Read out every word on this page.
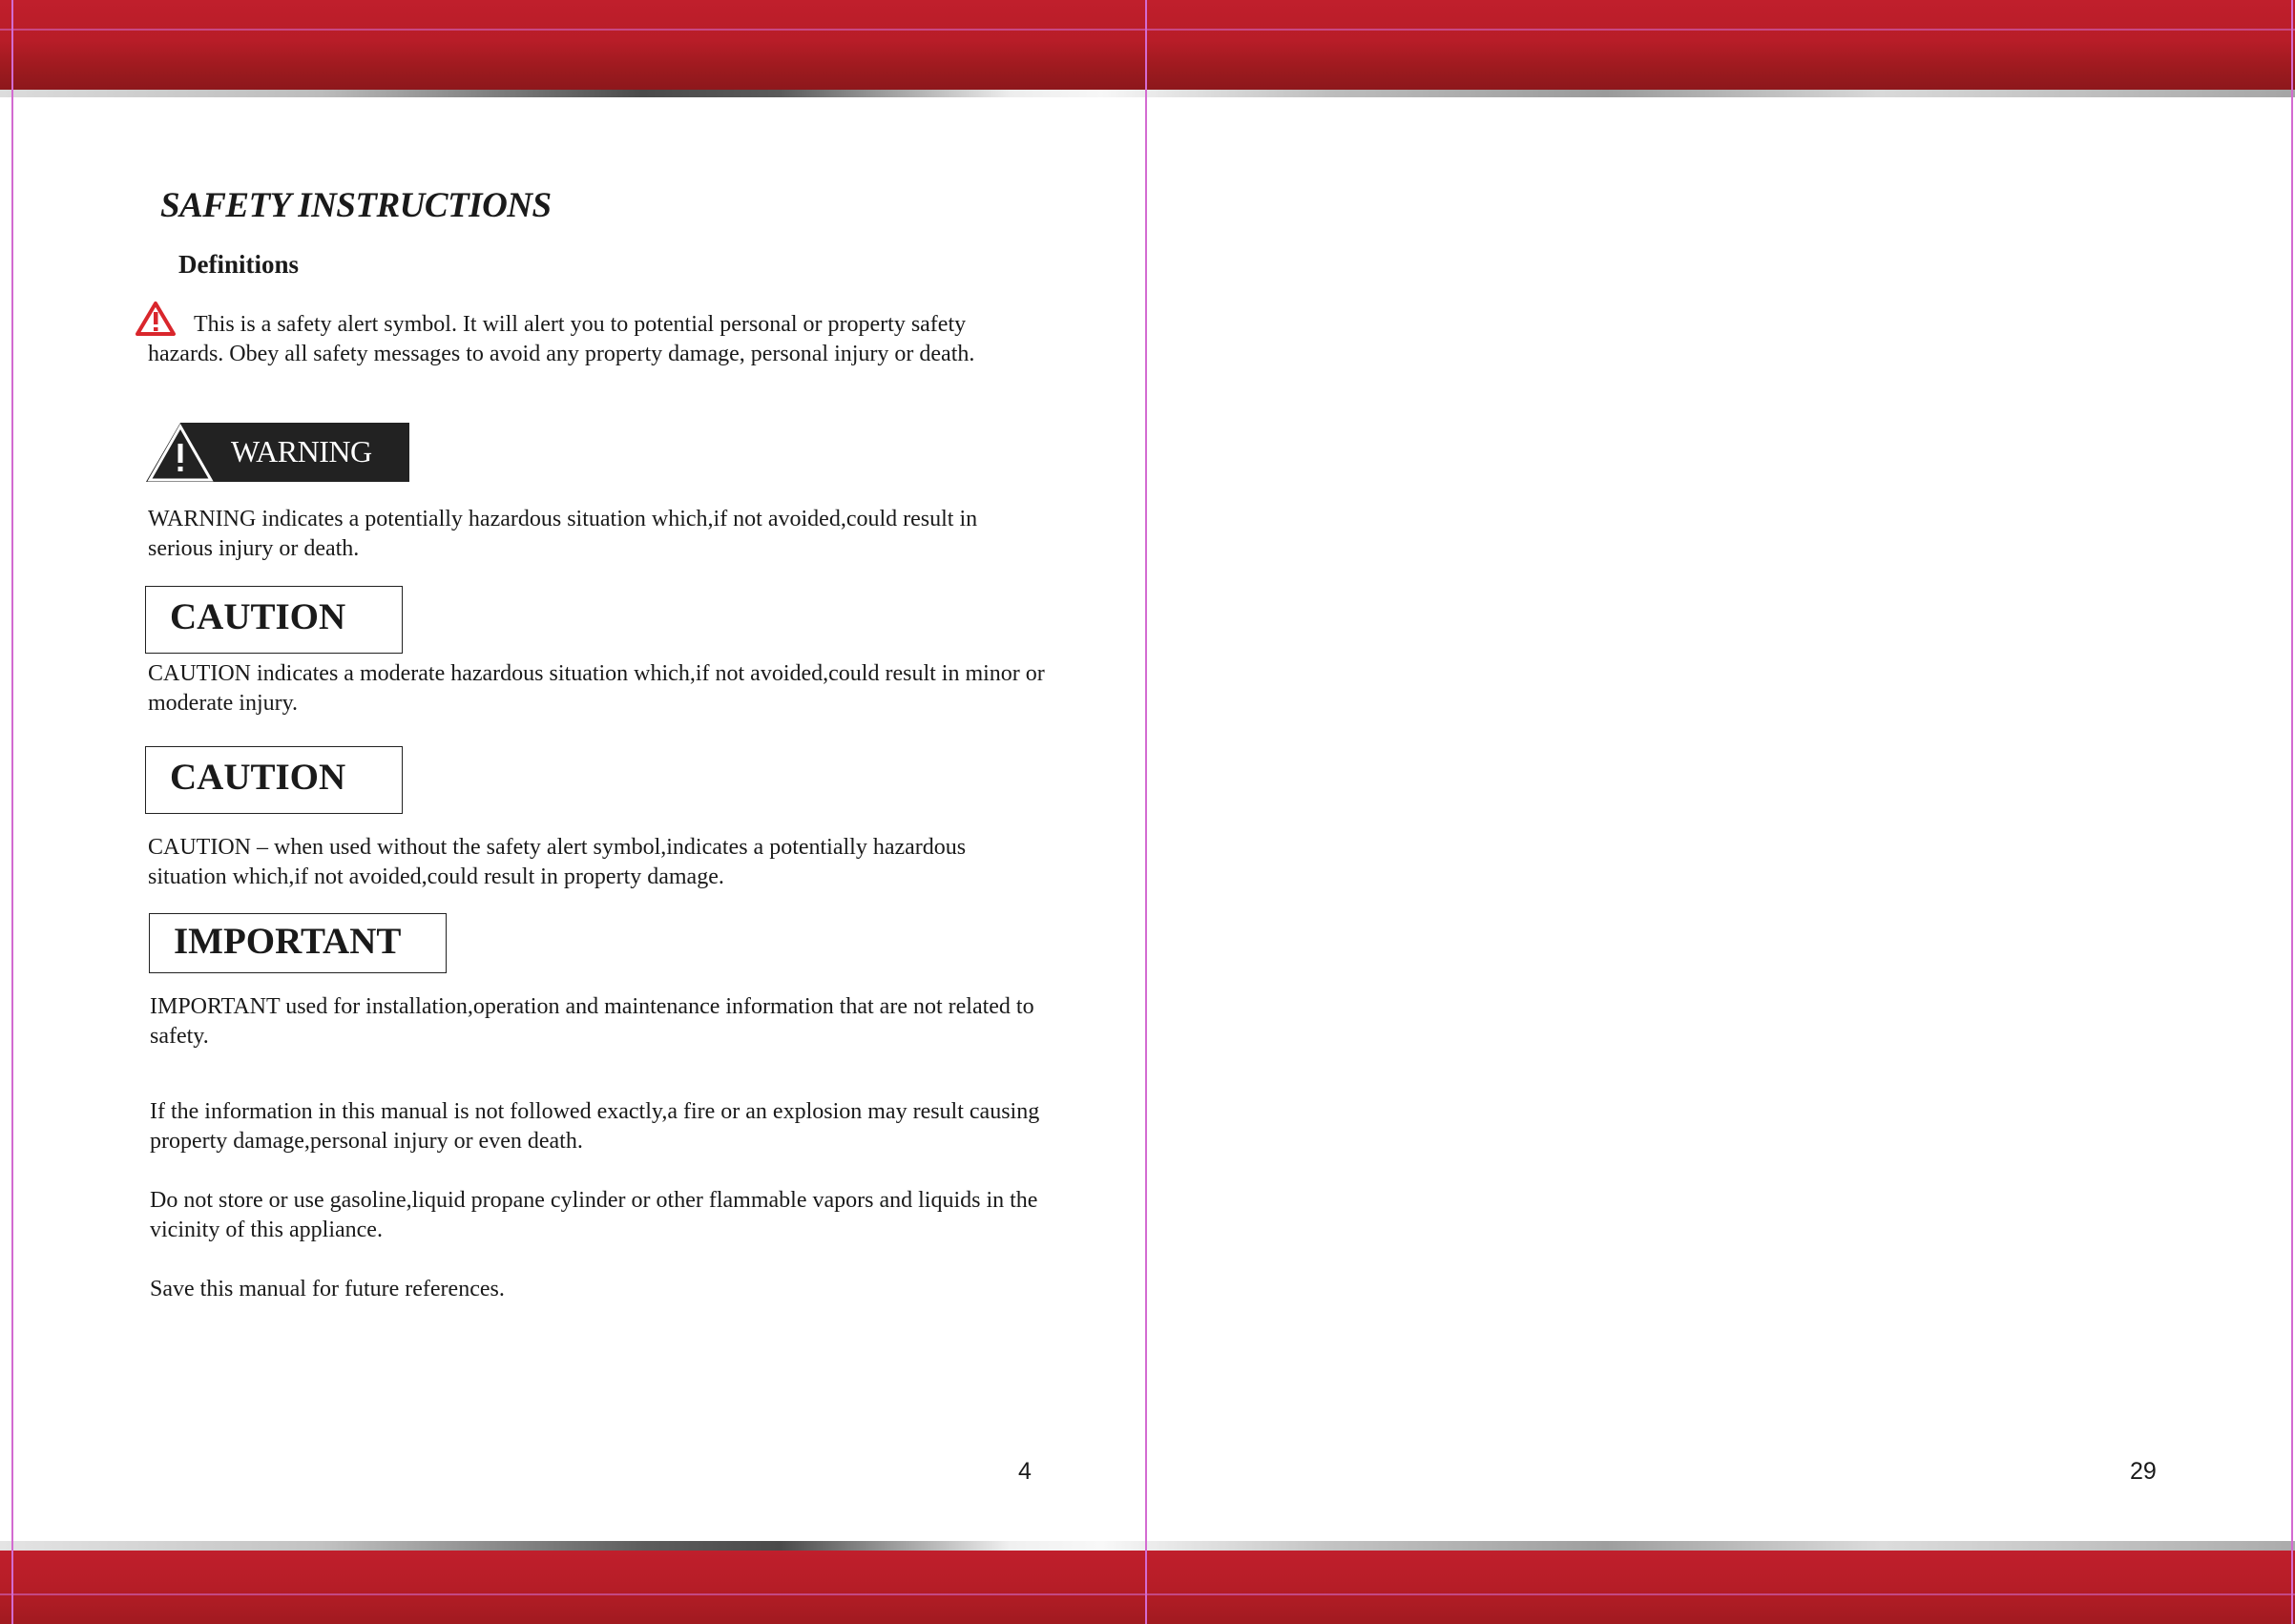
SAFETY INSTRUCTIONS
Definitions

This is a safety alert symbol. It will alert you to potential personal or property safety hazards. Obey all safety messages to avoid any property damage, personal injury or death.

WARNING

WARNING indicates a potentially hazardous situation which,if not avoided,could result in serious injury or death.

CAUTION

CAUTION indicates a moderate hazardous situation which,if not avoided,could result in minor or moderate injury.

CAUTION

CAUTION – when used without the safety alert symbol,indicates a potentially hazardous situation which,if not avoided,could result in property damage.

IMPORTANT

IMPORTANT used for installation,operation and maintenance information that are not related to safety.

If the information in this manual is not followed exactly,a fire or an explosion may result causing property damage,personal injury or even death.

Do not store or use gasoline,liquid propane cylinder or other flammable vapors and liquids in the vicinity of this appliance.

Save this manual for future references.

4	29
